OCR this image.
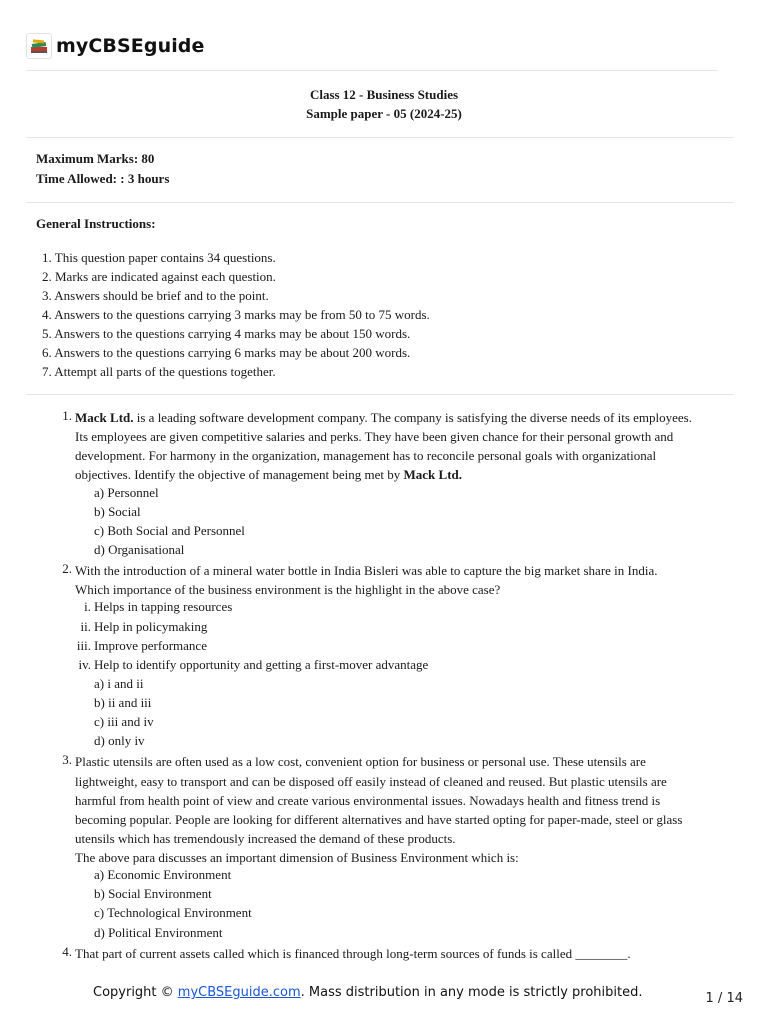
myCBSEguide
Class 12 - Business Studies
Sample paper - 05 (2024-25)
Maximum Marks: 80
Time Allowed: : 3 hours
General Instructions:
1. This question paper contains 34 questions.
2. Marks are indicated against each question.
3. Answers should be brief and to the point.
4. Answers to the questions carrying 3 marks may be from 50 to 75 words.
5. Answers to the questions carrying 4 marks may be about 150 words.
6. Answers to the questions carrying 6 marks may be about 200 words.
7. Attempt all parts of the questions together.
1. Mack Ltd. is a leading software development company. The company is satisfying the diverse needs of its employees.
Its employees are given competitive salaries and perks. They have been given chance for their personal growth and
development. For harmony in the organization, management has to reconcile personal goals with organizational
objectives. Identify the objective of management being met by Mack Ltd.
a) Personnel
b) Social
c) Both Social and Personnel
d) Organisational
2. With the introduction of a mineral water bottle in India Bisleri was able to capture the big market share in India.
Which importance of the business environment is the highlight in the above case?
i. Helps in tapping resources
ii. Help in policymaking
iii. Improve performance
iv. Help to identify opportunity and getting a first-mover advantage
a) i and ii
b) ii and iii
c) iii and iv
d) only iv
3. Plastic utensils are often used as a low cost, convenient option for business or personal use. These utensils are
lightweight, easy to transport and can be disposed off easily instead of cleaned and reused. But plastic utensils are
harmful from health point of view and create various environmental issues. Nowadays health and fitness trend is
becoming popular. People are looking for different alternatives and have started opting for paper-made, steel or glass
utensils which has tremendously increased the demand of these products.
The above para discusses an important dimension of Business Environment which is:
a) Economic Environment
b) Social Environment
c) Technological Environment
d) Political Environment
4. That part of current assets called which is financed through long-term sources of funds is called ________.
Copyright © myCBSEguide.com. Mass distribution in any mode is strictly prohibited.	1 / 14
